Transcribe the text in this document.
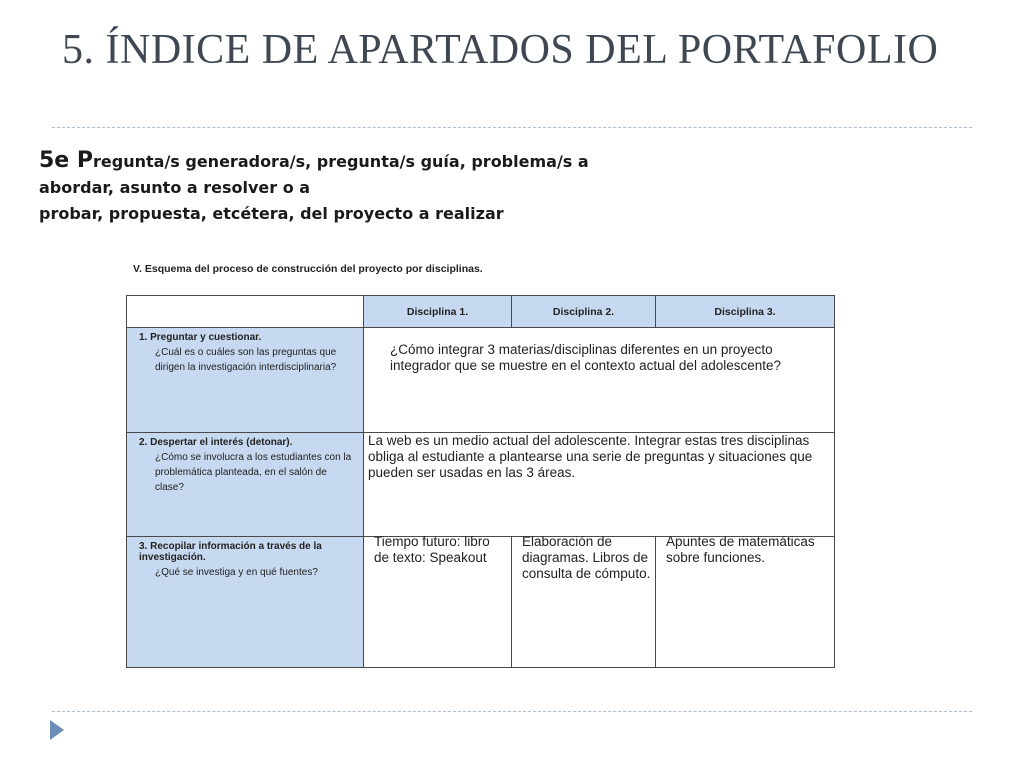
5. ÍNDICE DE APARTADOS DEL PORTAFOLIO
5e Pregunta/s generadora/s, pregunta/s guía, problema/s a
abordar, asunto a resolver o a
probar, propuesta, etcétera, del proyecto a realizar
V. Esquema del proceso de construcción del proyecto por disciplinas.
	Disciplina 1.	Disciplina 2.	Disciplina 3.

1. Preguntar y cuestionar.
¿Cuál es o cuáles son las preguntas que dirigen la investigación interdisciplinaria?	¿Cómo integrar 3 materias/disciplinas diferentes en un proyecto integrador que se muestre en el contexto actual del adolescente?		

2. Despertar el interés (detonar).
¿Cómo se involucra a los estudiantes con la problemática planteada, en el salón de clase?	La web es un medio actual del adolescente. Integrar estas tres disciplinas obliga al estudiante a plantearse una serie de preguntas y situaciones que pueden ser usadas en las 3 áreas.		

3. Recopilar información a través de la investigación.
¿Qué se investiga y en qué fuentes?	Tiempo futuro: libro de texto: Speakout	Elaboración de diagramas. Libros de consulta de cómputo.	Apuntes de matemáticas sobre funciones.
